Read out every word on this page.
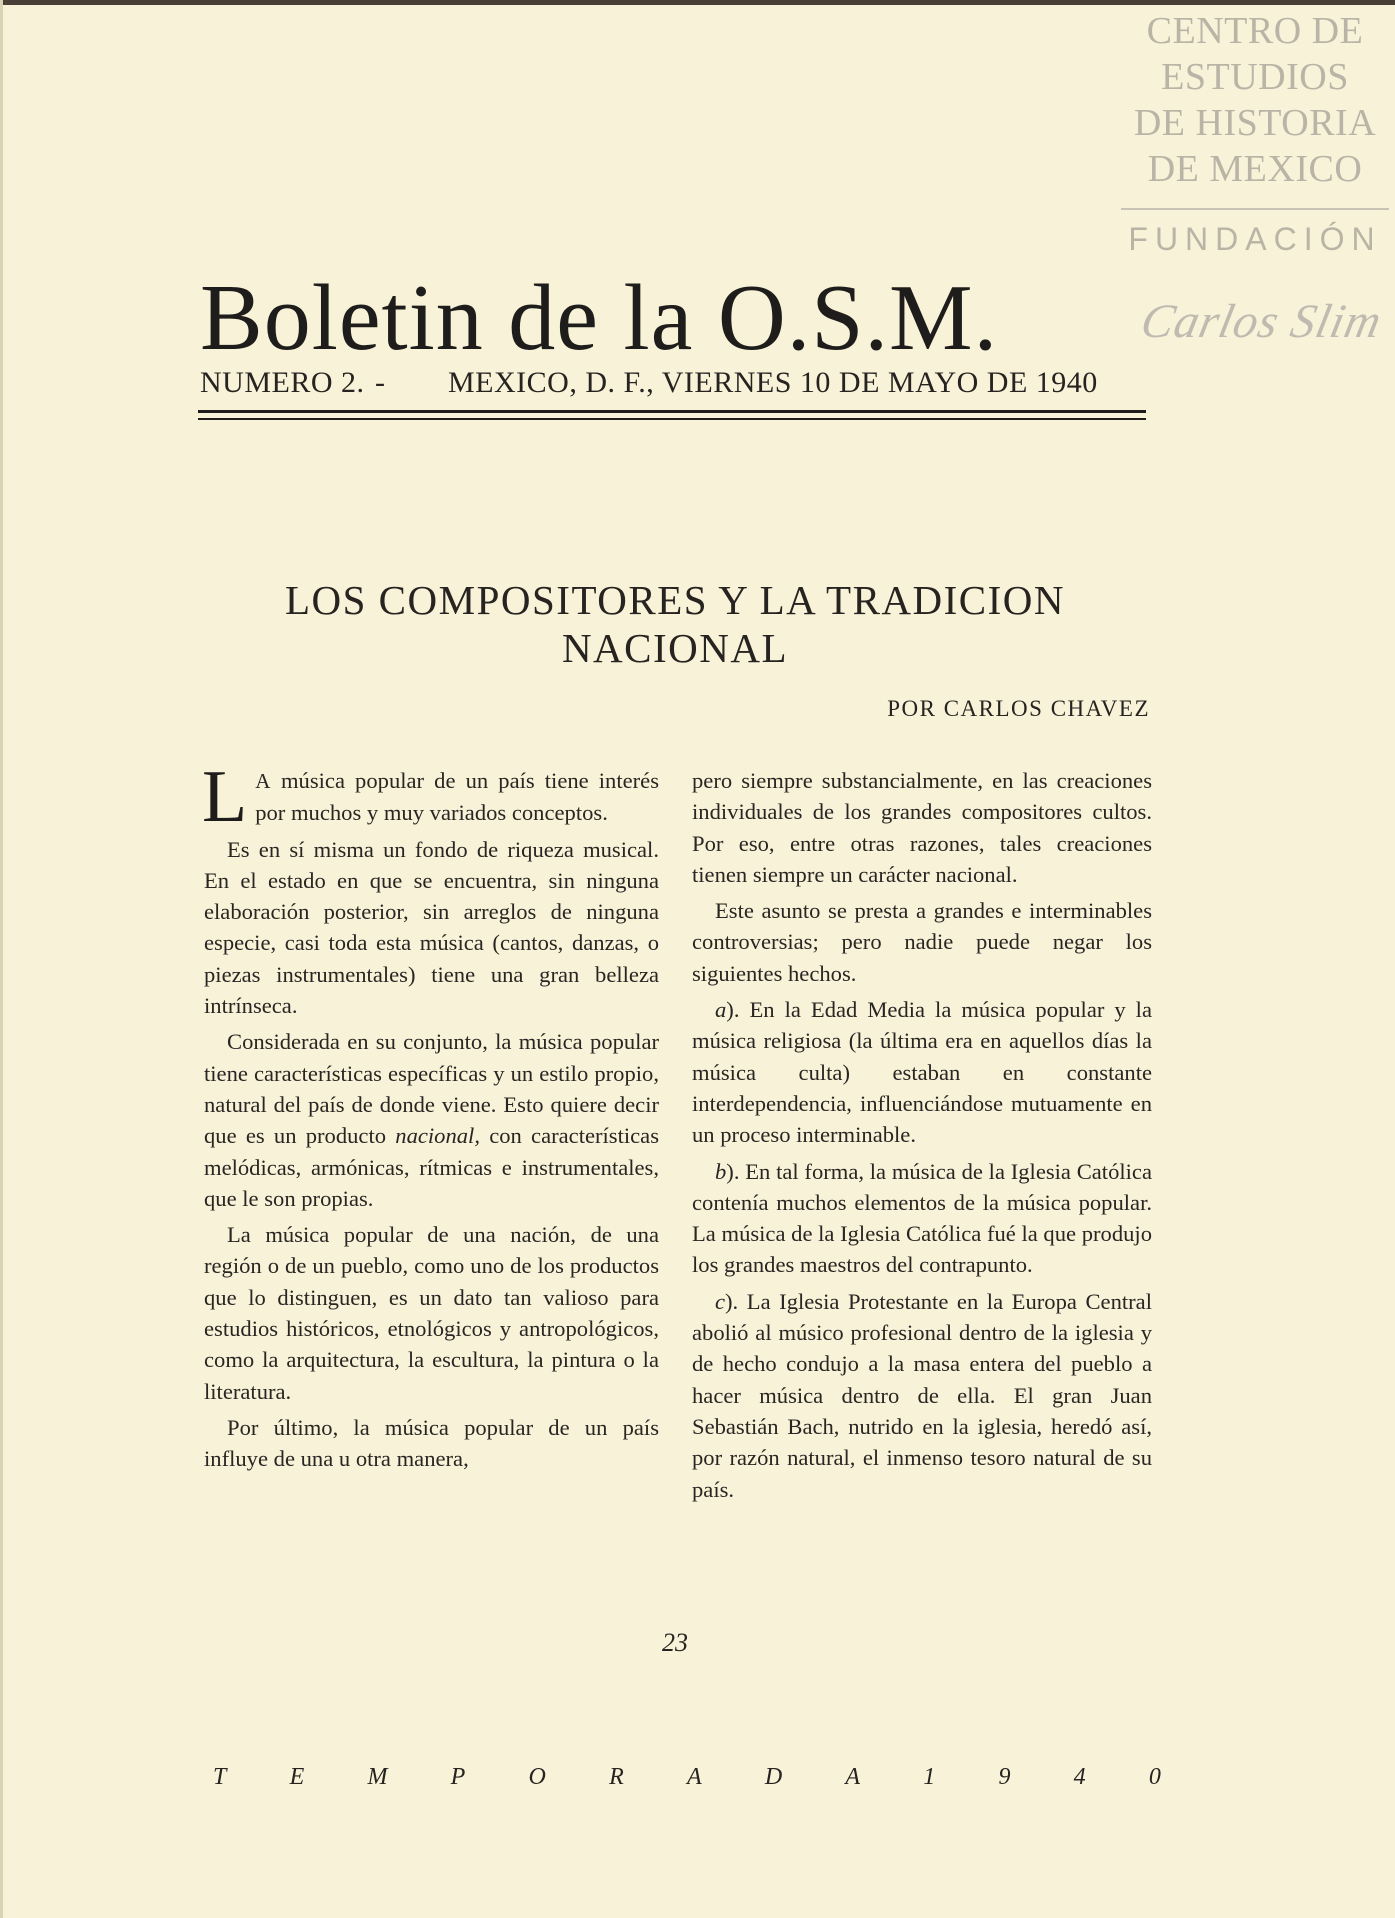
CENTRO DE
ESTUDIOS
DE HISTORIA
DE MEXICO
FUNDACIÓN
Carlos Slim
Boletin de la O.S.M.
NUMERO 2. - MEXICO, D. F., VIERNES 10 DE MAYO DE 1940
LOS COMPOSITORES Y LA TRADICION
NACIONAL
POR CARLOS CHAVEZ

LA música popular de un país tiene interés por muchos y muy variados conceptos.

Es en sí misma un fondo de riqueza musical. En el estado en que se encuentra, sin ninguna elaboración posterior, sin arreglos de ninguna especie, casi toda esta música (cantos, danzas, o piezas instrumentales) tiene una gran belleza intrínseca.

Considerada en su conjunto, la música popular tiene características específicas y un estilo propio, natural del país de donde viene. Esto quiere decir que es un producto nacional, con características melódicas, armónicas, rítmicas e instrumentales, que le son propias.

La música popular de una nación, de una región o de un pueblo, como uno de los productos que lo distinguen, es un dato tan valioso para estudios históricos, etnológicos y antropológicos, como la arquitectura, la escultura, la pintura o la literatura.

Por último, la música popular de un país influye de una u otra manera,

pero siempre substancialmente, en las creaciones individuales de los grandes compositores cultos. Por eso, entre otras razones, tales creaciones tienen siempre un carácter nacional.

Este asunto se presta a grandes e interminables controversias; pero nadie puede negar los siguientes hechos.

a). En la Edad Media la música popular y la música religiosa (la última era en aquellos días la música culta) estaban en constante interdependencia, influenciándose mutuamente en un proceso interminable.

b). En tal forma, la música de la Iglesia Católica contenía muchos elementos de la música popular. La música de la Iglesia Católica fué la que produjo los grandes maestros del contrapunto.

c). La Iglesia Protestante en la Europa Central abolió al músico profesional dentro de la iglesia y de hecho condujo a la masa entera del pueblo a hacer música dentro de ella. El gran Juan Sebastián Bach, nutrido en la iglesia, heredó así, por razón natural, el inmenso tesoro natural de su país.

23
T	E	M	P	O	R	A	D	A	1	9	4	0
